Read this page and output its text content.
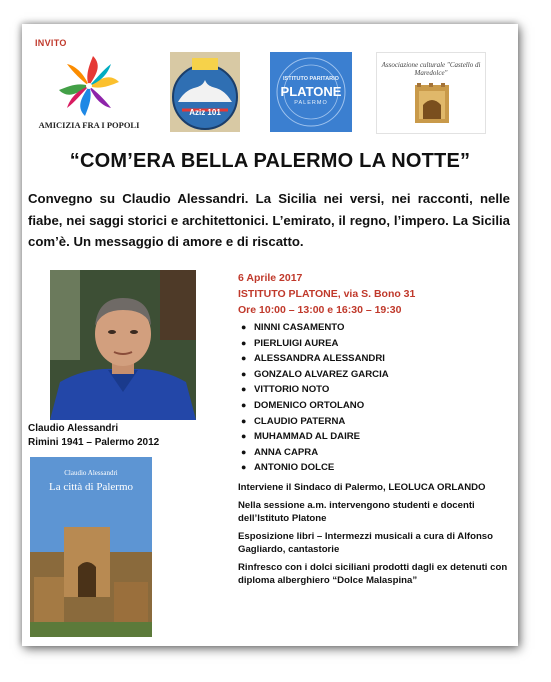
INVITO
AMICIZIA FRA I POPOLI
Aziz 101
ISTITUTO PARITARIO
PLATONE
PALERMO
Associazione culturale "Castello di Maredolce"
“COM’ERA BELLA PALERMO LA NOTTE”
Convegno su Claudio Alessandri. La Sicilia nei versi, nei racconti, nelle fiabe, nei saggi storici e architettonici. L’emirato, il regno, l’impero. La Sicilia com’è. Un messaggio di amore e di riscatto.
Claudio Alessandri
Rimini 1941 – Palermo 2012
Claudio Alessandri
La città di Palermo
6 Aprile 2017
ISTITUTO PLATONE, via S. Bono 31
Ore 10:00 – 13:00 e 16:30 – 19:30
● NINNI CASAMENTO
● PIERLUIGI AUREA
● ALESSANDRA ALESSANDRI
● GONZALO ALVAREZ GARCIA
● VITTORIO NOTO
● DOMENICO ORTOLANO
● CLAUDIO PATERNA
● MUHAMMAD AL DAIRE
● ANNA CAPRA
● ANTONIO DOLCE
Interviene il Sindaco di Palermo, LEOLUCA ORLANDO
Nella sessione a.m. intervengono studenti e docenti dell’Istituto Platone
Esposizione libri – Intermezzi musicali a cura di Alfonso Gagliardo, cantastorie
Rinfresco con i dolci siciliani prodotti dagli ex detenuti con diploma alberghiero “Dolce Malaspina”
